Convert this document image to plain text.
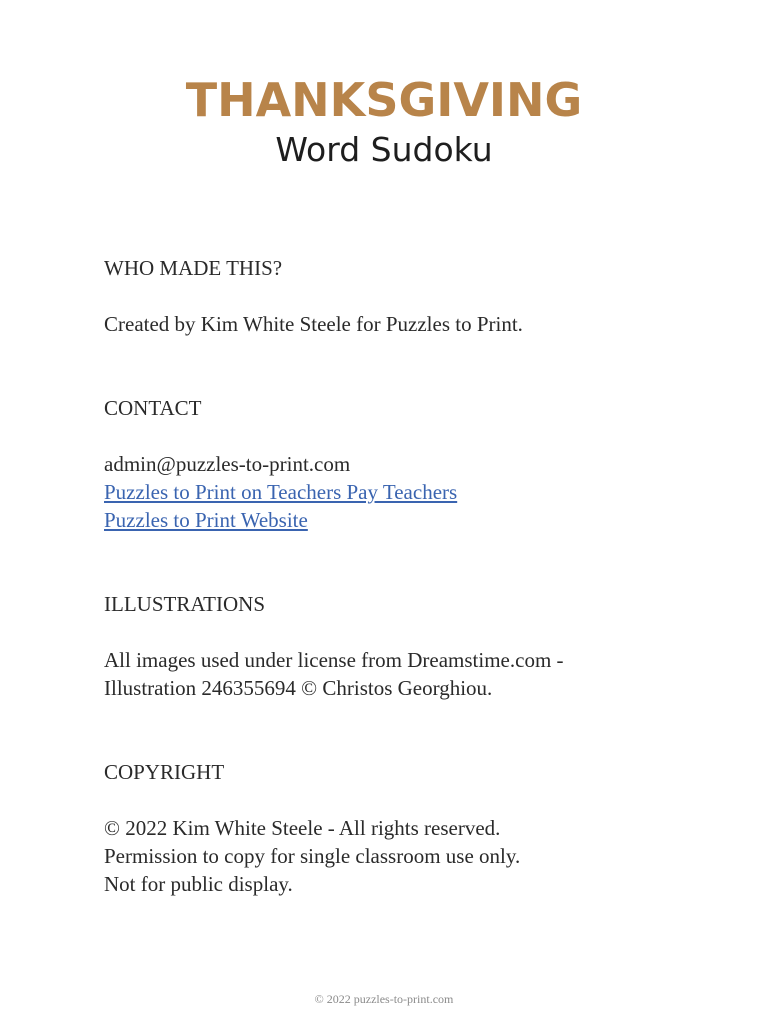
THANKSGIVING
Word Sudoku

WHO MADE THIS?

Created by Kim White Steele for Puzzles to Print.

CONTACT

admin@puzzles-to-print.com

Puzzles to Print on Teachers Pay Teachers
Puzzles to Print Website

ILLUSTRATIONS

All images used under license from Dreamstime.com -

Illustration 246355694 © Christos Georghiou.

COPYRIGHT

© 2022 Kim White Steele - All rights reserved.

Permission to copy for single classroom use only.

Not for public display.

© 2022 puzzles-to-print.com
